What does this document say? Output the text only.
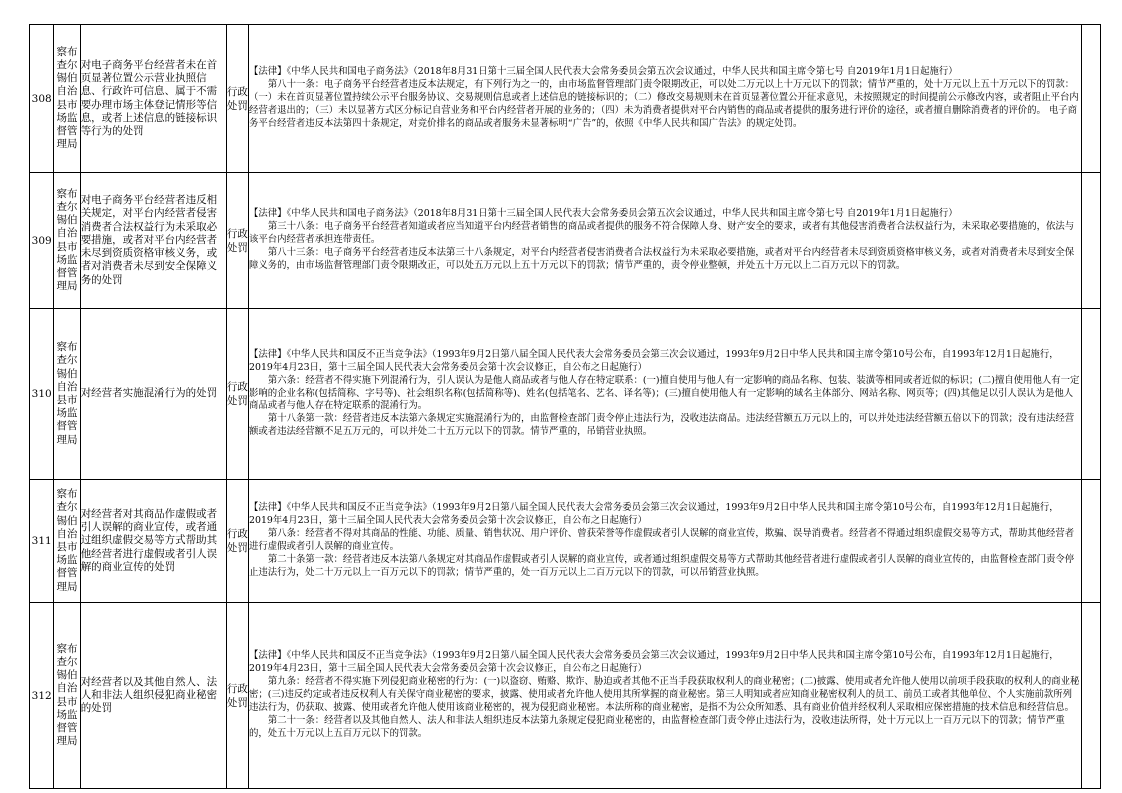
308	察布查尔锡伯自治县市场监督管理局	对电子商务平台经营者未在首页显著位置公示营业执照信息、行政许可信息、属于不需要办理市场主体登记情形等信息，或者上述信息的链接标识等行为的处罚	行政处罚	【法律】《中华人民共和国电子商务法》（2018年8月31日第十三届全国人民代表大会常务委员会第五次会议通过，中华人民共和国主席令第七号 自2019年1月1日起施行）

第八十一条：电子商务平台经营者违反本法规定，有下列行为之一的，由市场监督管理部门责令限期改正，可以处二万元以上十万元以下的罚款；情节严重的，处十万元以上五十万元以下的罚款：（一）未在首页显著位置持续公示平台服务协议、交易规则信息或者上述信息的链接标识的；（二）修改交易规则未在首页显著位置公开征求意见，未按照规定的时间提前公示修改内容，或者阻止平台内经营者退出的；（三）未以显著方式区分标记自营业务和平台内经营者开展的业务的；（四）未为消费者提供对平台内销售的商品或者提供的服务进行评价的途径，或者擅自删除消费者的评价的。 电子商务平台经营者违反本法第四十条规定，对竞价排名的商品或者服务未显著标明“广告”的，依照《中华人民共和国广告法》的规定处罚。	

309	察布查尔锡伯自治县市场监督管理局	对电子商务平台经营者违反相关规定，对平台内经营者侵害消费者合法权益行为未采取必要措施，或者对平台内经营者未尽到资质资格审核义务，或者对消费者未尽到安全保障义务的处罚	行政处罚	【法律】《中华人民共和国电子商务法》（2018年8月31日第十三届全国人民代表大会常务委员会第五次会议通过，中华人民共和国主席令第七号 自2019年1月1日起施行）

第三十八条：电子商务平台经营者知道或者应当知道平台内经营者销售的商品或者提供的服务不符合保障人身、财产安全的要求，或者有其他侵害消费者合法权益行为，未采取必要措施的，依法与该平台内经营者承担连带责任。

第八十三条：电子商务平台经营者违反本法第三十八条规定，对平台内经营者侵害消费者合法权益行为未采取必要措施，或者对平台内经营者未尽到资质资格审核义务，或者对消费者未尽到安全保障义务的，由市场监督管理部门责令限期改正，可以处五万元以上五十万元以下的罚款；情节严重的，责令停业整顿，并处五十万元以上二百万元以下的罚款。	

310	察布查尔锡伯自治县市场监督管理局	对经营者实施混淆行为的处罚	行政处罚	【法律】《中华人民共和国反不正当竞争法》（1993年9月2日第八届全国人民代表大会常务委员会第三次会议通过，1993年9月2日中华人民共和国主席令第10号公布，自1993年12月1日起施行，2019年4月23日，第十三届全国人民代表大会常务委员会第十次会议修正，自公布之日起施行）

第六条：经营者不得实施下列混淆行为，引人误认为是他人商品或者与他人存在特定联系：(一)擅自使用与他人有一定影响的商品名称、包装、装潢等相同或者近似的标识；(二)擅自使用他人有一定影响的企业名称(包括简称、字号等)、社会组织名称(包括简称等)、姓名(包括笔名、艺名、译名等)；(三)擅自使用他人有一定影响的域名主体部分、网站名称、网页等；(四)其他足以引人误认为是他人商品或者与他人存在特定联系的混淆行为。

第十八条第一款：经营者违反本法第六条规定实施混淆行为的，由监督检查部门责令停止违法行为，没收违法商品。违法经营额五万元以上的，可以并处违法经营额五倍以下的罚款；没有违法经营额或者违法经营额不足五万元的，可以并处二十五万元以下的罚款。情节严重的，吊销营业执照。	

311	察布查尔锡伯自治县市场监督管理局	对经营者对其商品作虚假或者引人误解的商业宣传，或者通过组织虚假交易等方式帮助其他经营者进行虚假或者引人误解的商业宣传的处罚	行政处罚	【法律】《中华人民共和国反不正当竞争法》（1993年9月2日第八届全国人民代表大会常务委员会第三次会议通过，1993年9月2日中华人民共和国主席令第10号公布，自1993年12月1日起施行，2019年4月23日，第十三届全国人民代表大会常务委员会第十次会议修正，自公布之日起施行）

第八条：经营者不得对其商品的性能、功能、质量、销售状况、用户评价、曾获荣誉等作虚假或者引人误解的商业宣传，欺骗、误导消费者。经营者不得通过组织虚假交易等方式，帮助其他经营者进行虚假或者引人误解的商业宣传。

第二十条第一款：经营者违反本法第八条规定对其商品作虚假或者引人误解的商业宣传，或者通过组织虚假交易等方式帮助其他经营者进行虚假或者引人误解的商业宣传的，由监督检查部门责令停止违法行为，处二十万元以上一百万元以下的罚款；情节严重的，处一百万元以上二百万元以下的罚款，可以吊销营业执照。	

312	察布查尔锡伯自治县市场监督管理局	对经营者以及其他自然人、法人和非法人组织侵犯商业秘密的处罚	行政处罚	【法律】《中华人民共和国反不正当竞争法》（1993年9月2日第八届全国人民代表大会常务委员会第三次会议通过，1993年9月2日中华人民共和国主席令第10号公布，自1993年12月1日起施行，2019年4月23日，第十三届全国人民代表大会常务委员会第十次会议修正，自公布之日起施行）

第九条：经营者不得实施下列侵犯商业秘密的行为：(一)以盗窃、贿赂、欺诈、胁迫或者其他不正当手段获取权利人的商业秘密；(二)披露、使用或者允许他人使用以前项手段获取的权利人的商业秘密；(三)违反约定或者违反权利人有关保守商业秘密的要求，披露、使用或者允许他人使用其所掌握的商业秘密。第三人明知或者应知商业秘密权利人的员工、前员工或者其他单位、个人实施前款所列违法行为，仍获取、披露、使用或者允许他人使用该商业秘密的，视为侵犯商业秘密。本法所称的商业秘密，是指不为公众所知悉、具有商业价值并经权利人采取相应保密措施的技术信息和经营信息。

第二十一条：经营者以及其他自然人、法人和非法人组织违反本法第九条规定侵犯商业秘密的，由监督检查部门责令停止违法行为，没收违法所得，处十万元以上一百万元以下的罚款；情节严重的，处五十万元以上五百万元以下的罚款。	
